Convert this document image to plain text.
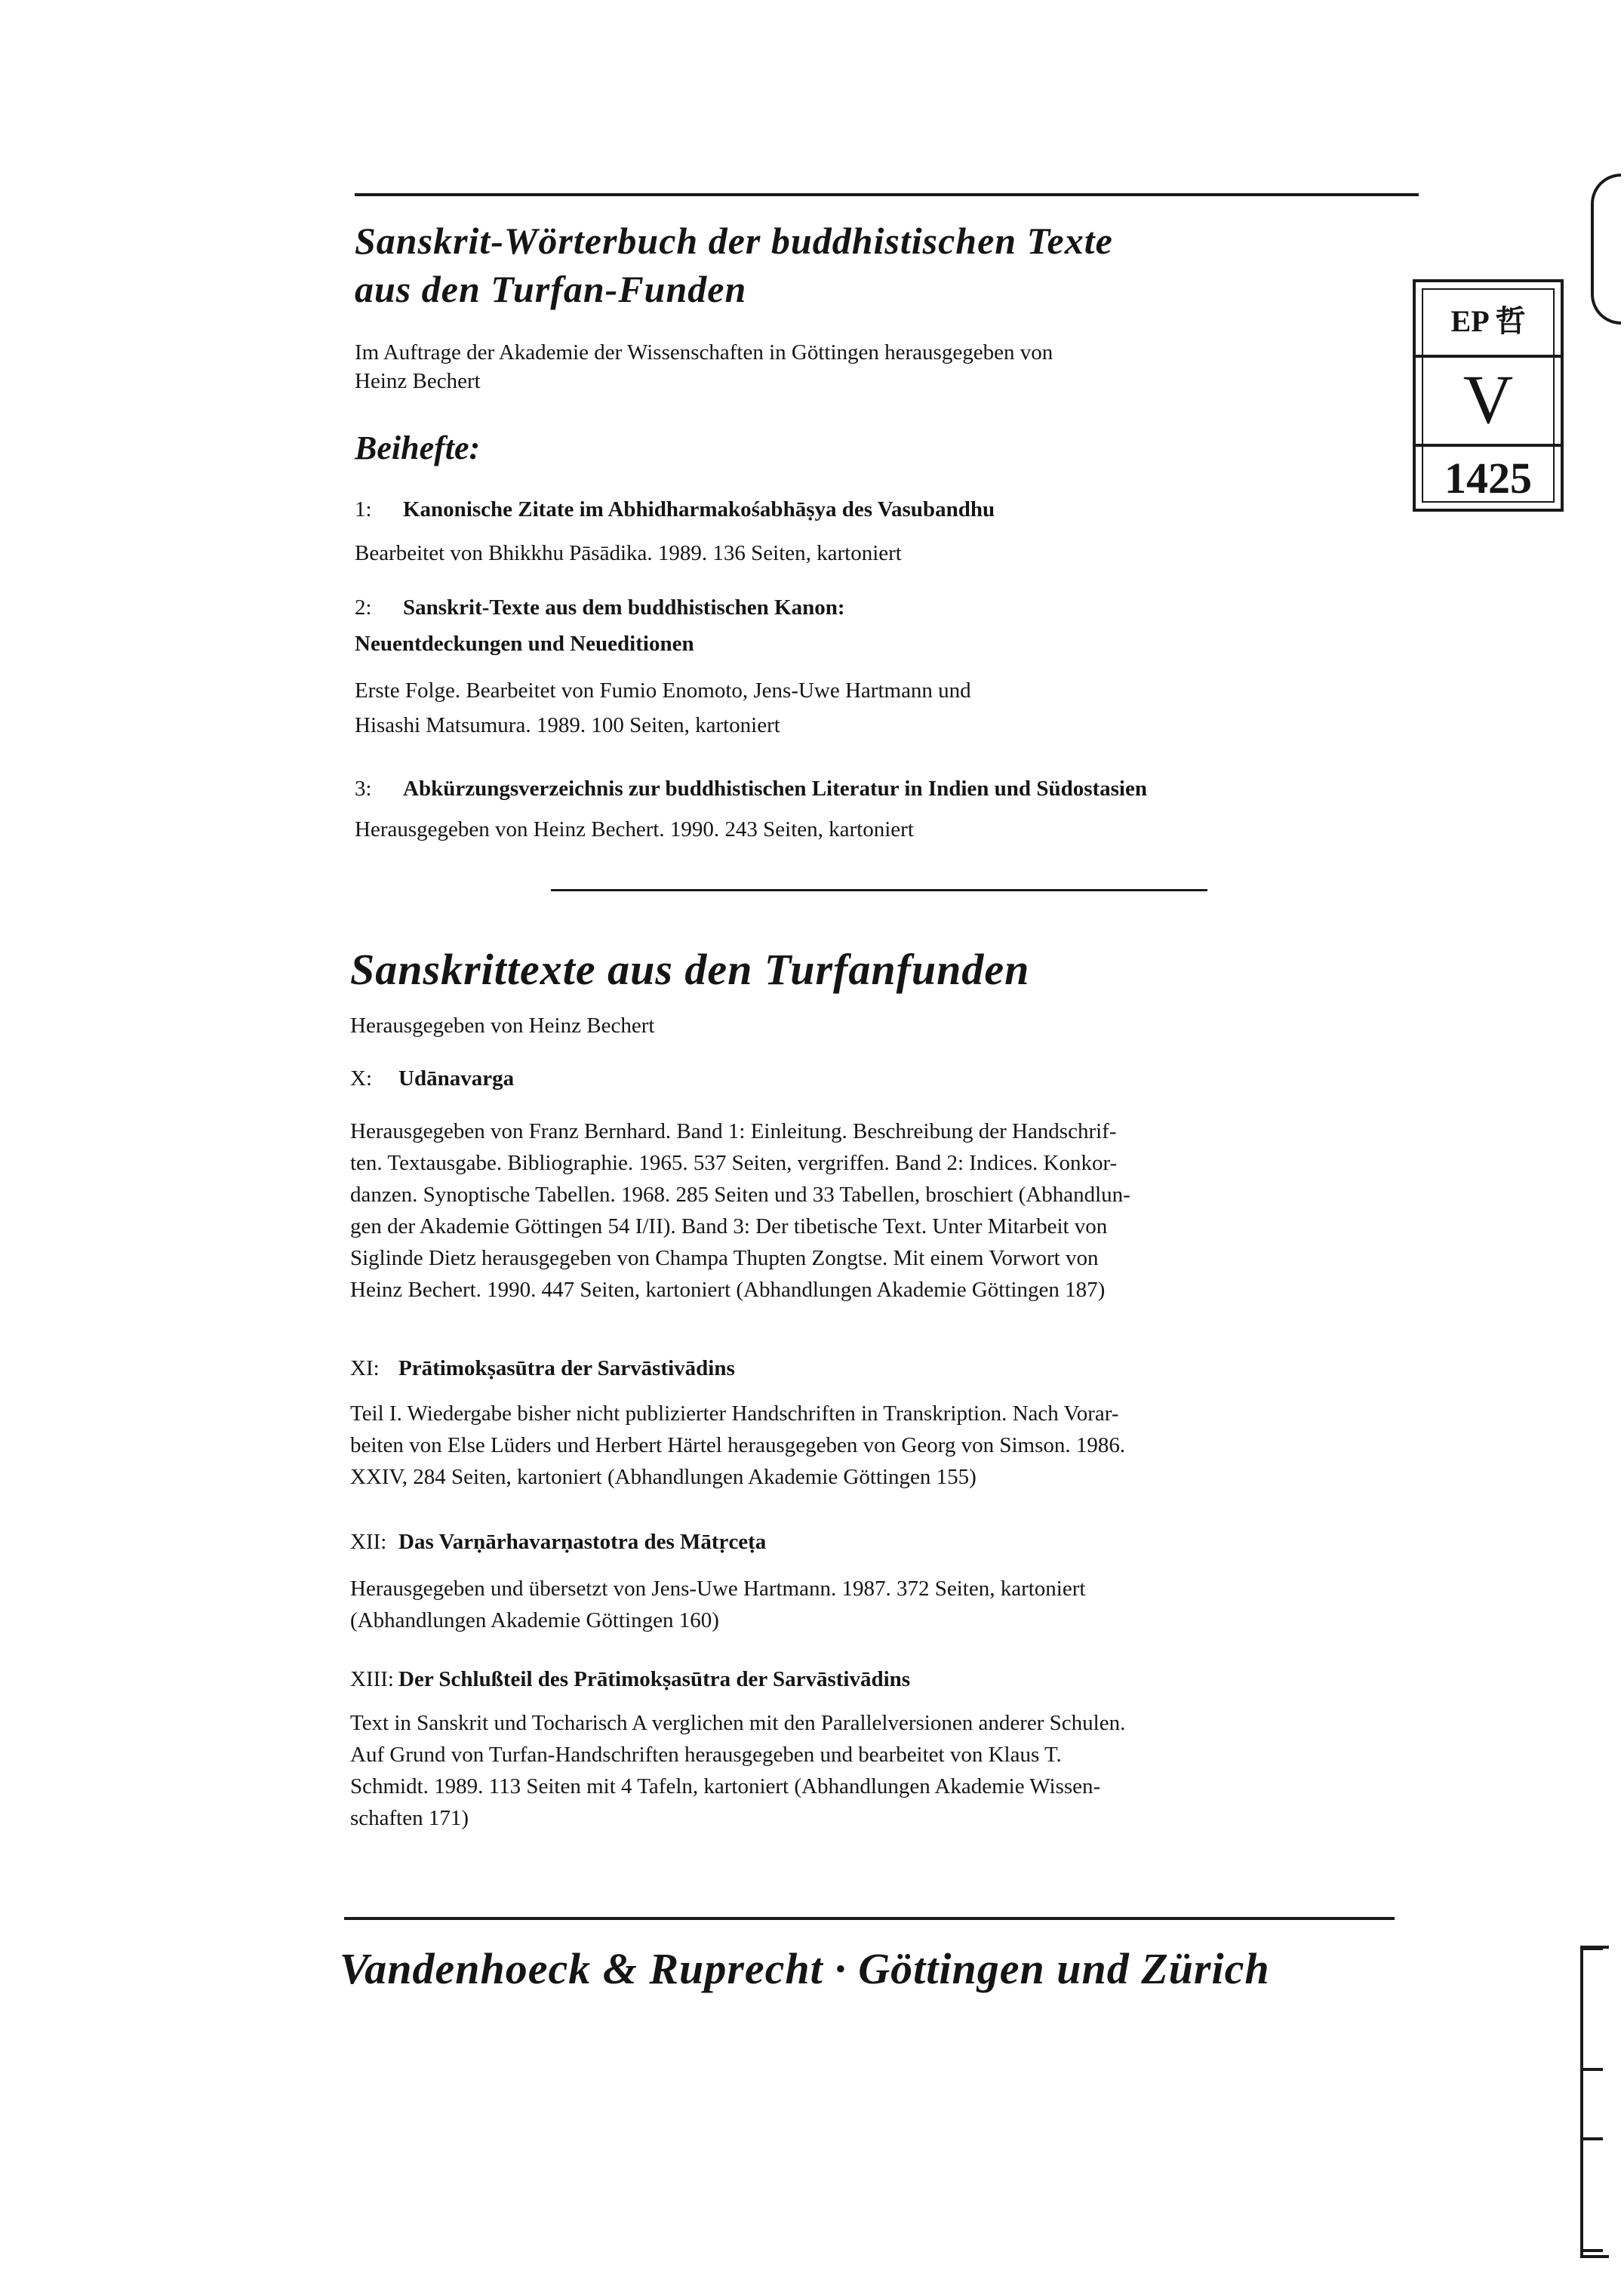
Sanskrit-Wörterbuch der buddhistischen Texte
aus den Turfan-Funden
Im Auftrage der Akademie der Wissenschaften in Göttingen herausgegeben von
Heinz Bechert
Beihefte:
1: Kanonische Zitate im Abhidharmakośabhāṣya des Vasubandhu
Bearbeitet von Bhikkhu Pāsādika. 1989. 136 Seiten, kartoniert
2: Sanskrit-Texte aus dem buddhistischen Kanon:
Neuentdeckungen und Neueditionen
Erste Folge. Bearbeitet von Fumio Enomoto, Jens-Uwe Hartmann und
Hisashi Matsumura. 1989. 100 Seiten, kartoniert
3: Abkürzungsverzeichnis zur buddhistischen Literatur in Indien und Südostasien
Herausgegeben von Heinz Bechert. 1990. 243 Seiten, kartoniert
Sanskrittexte aus den Turfanfunden
Herausgegeben von Heinz Bechert
X: Udānavarga
Herausgegeben von Franz Bernhard. Band 1: Einleitung. Beschreibung der Handschrif-
ten. Textausgabe. Bibliographie. 1965. 537 Seiten, vergriffen. Band 2: Indices. Konkor-
danzen. Synoptische Tabellen. 1968. 285 Seiten und 33 Tabellen, broschiert (Abhandlun-
gen der Akademie Göttingen 54 I/II). Band 3: Der tibetische Text. Unter Mitarbeit von
Siglinde Dietz herausgegeben von Champa Thupten Zongtse. Mit einem Vorwort von
Heinz Bechert. 1990. 447 Seiten, kartoniert (Abhandlungen Akademie Göttingen 187)
XI: Prātimokṣasūtra der Sarvāstivādins
Teil I. Wiedergabe bisher nicht publizierter Handschriften in Transkription. Nach Vorar-
beiten von Else Lüders und Herbert Härtel herausgegeben von Georg von Simson. 1986.
XXIV, 284 Seiten, kartoniert (Abhandlungen Akademie Göttingen 155)
XII: Das Varṇārhavarṇastotra des Mātṛceṭa
Herausgegeben und übersetzt von Jens-Uwe Hartmann. 1987. 372 Seiten, kartoniert
(Abhandlungen Akademie Göttingen 160)
XIII: Der Schlußteil des Prātimokṣasūtra der Sarvāstivādins
Text in Sanskrit und Tocharisch A verglichen mit den Parallelversionen anderer Schulen.
Auf Grund von Turfan-Handschriften herausgegeben und bearbeitet von Klaus T.
Schmidt. 1989. 113 Seiten mit 4 Tafeln, kartoniert (Abhandlungen Akademie Wissen-
schaften 171)
Vandenhoeck & Ruprecht · Göttingen und Zürich
EP 哲
V
1425
